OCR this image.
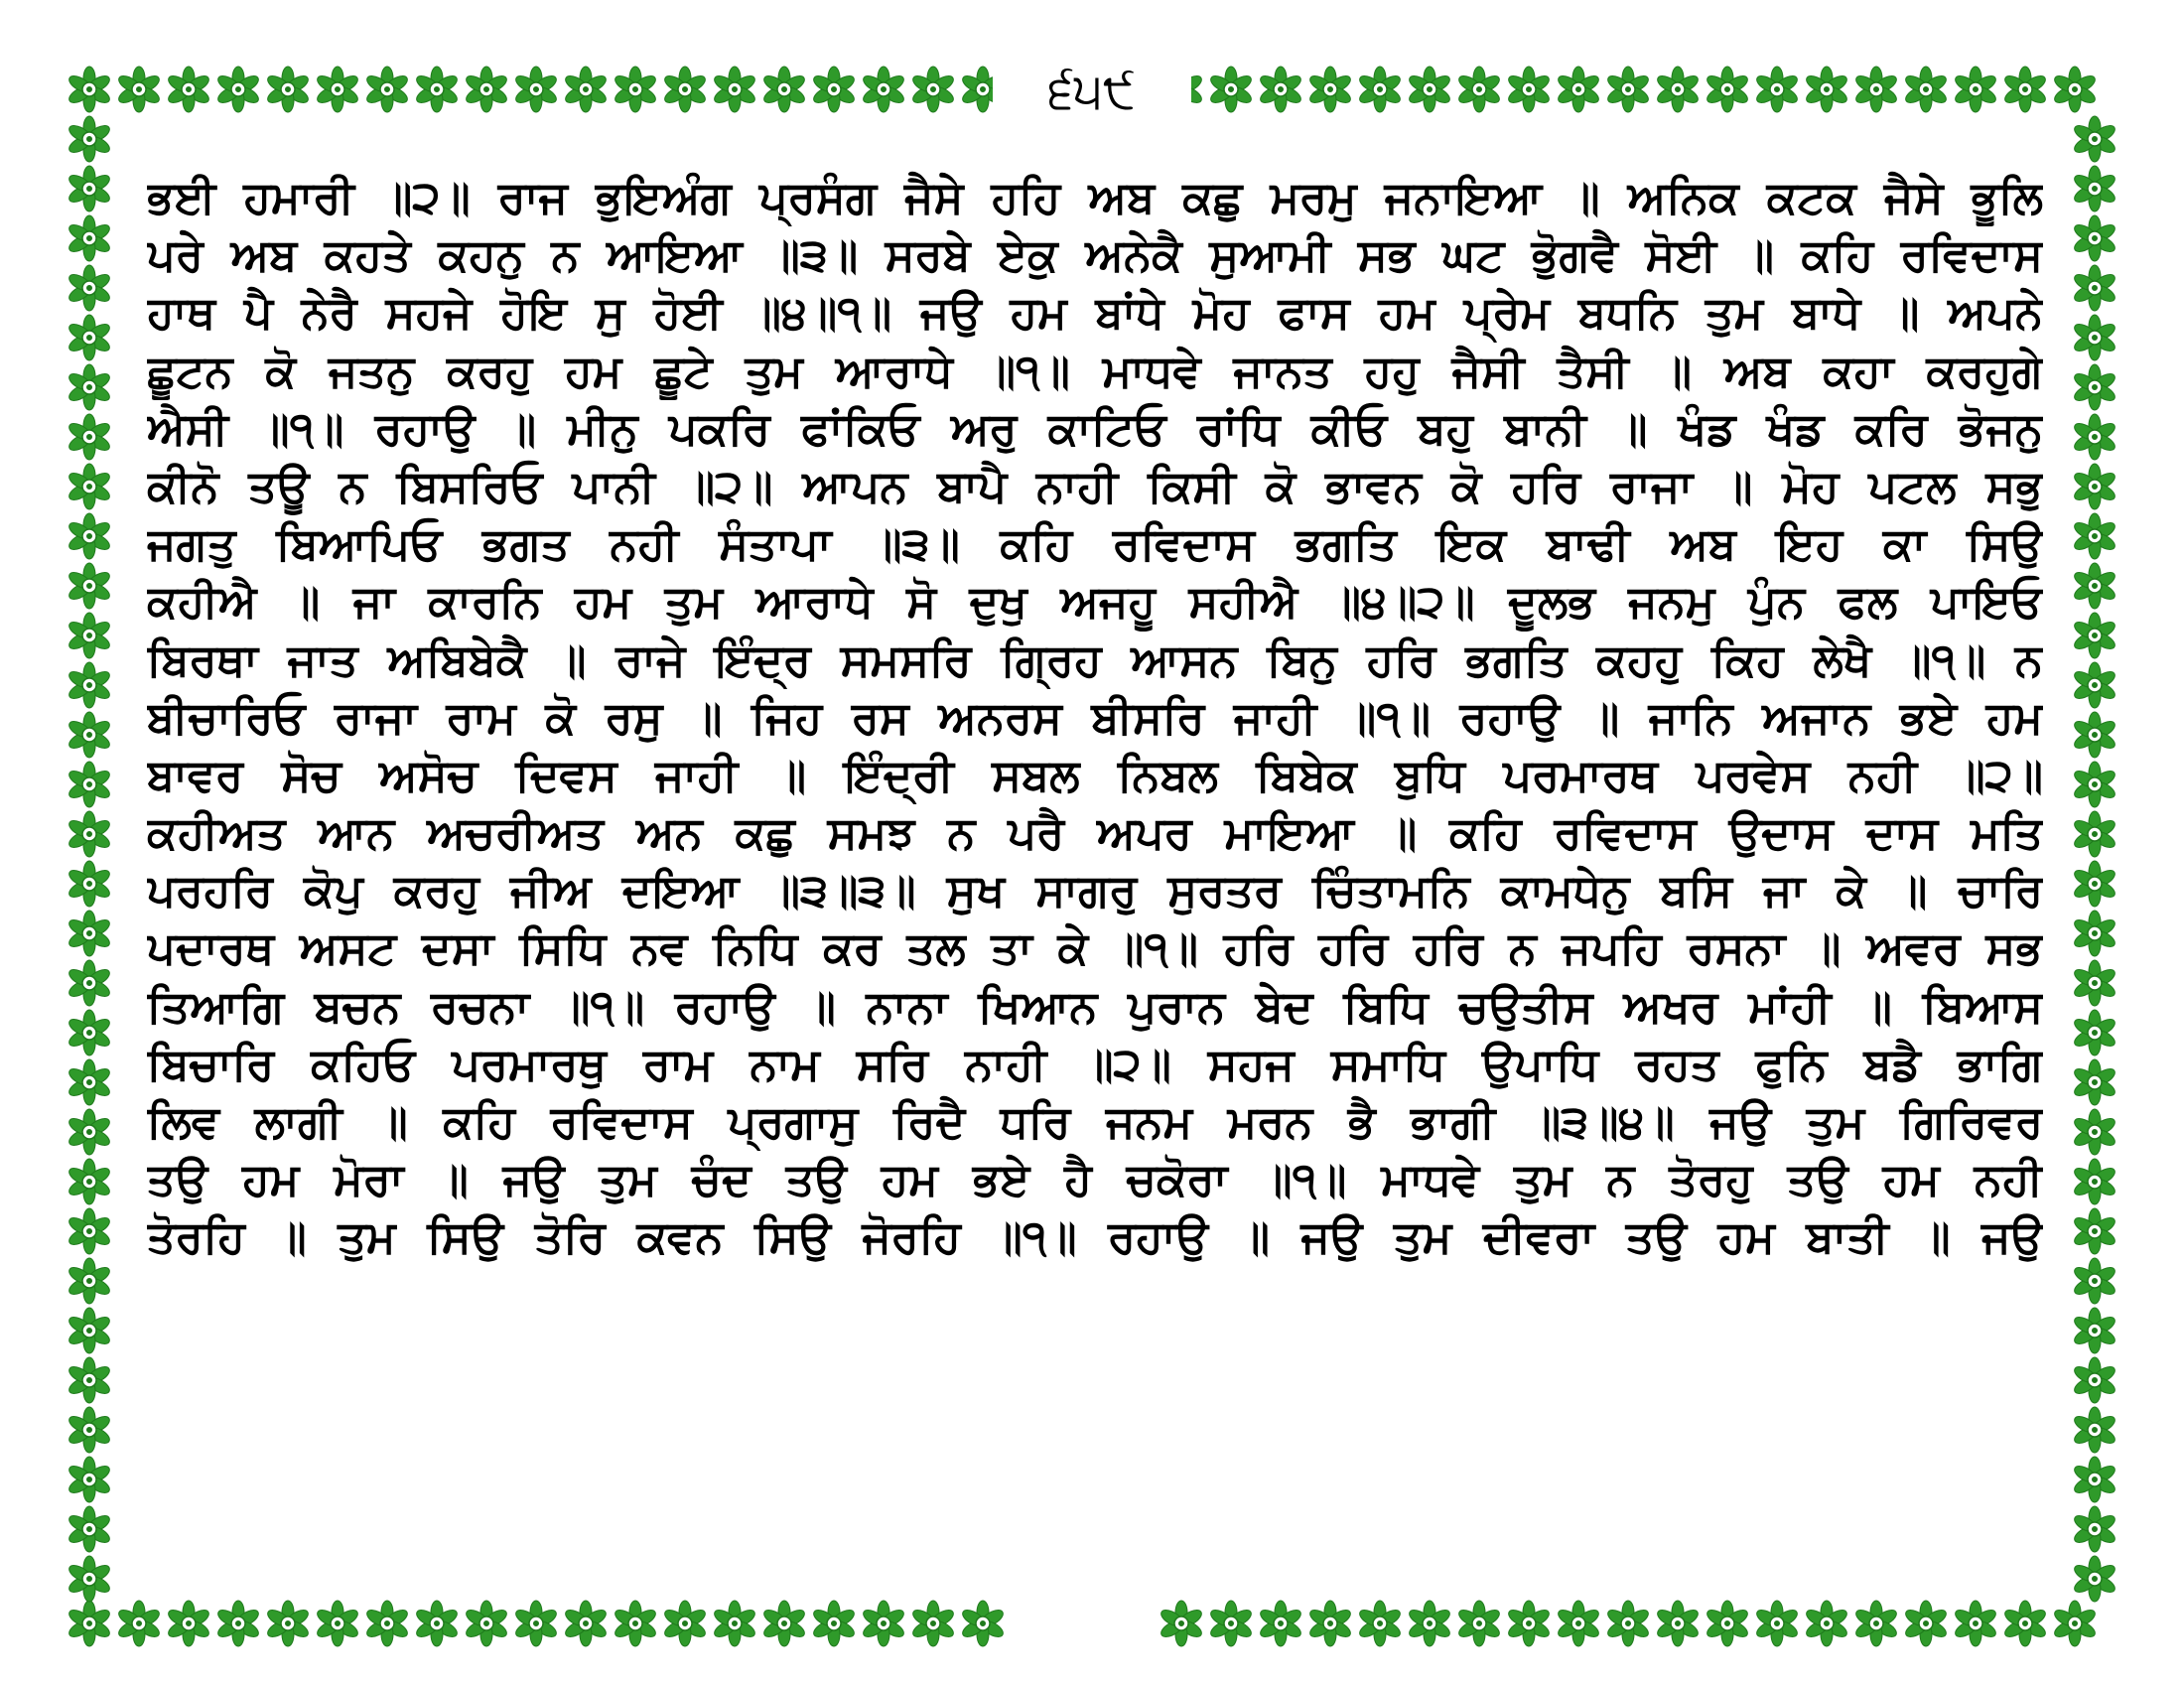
੬੫੯
ਭਈ ਹਮਾਰੀ ॥੨॥ ਰਾਜ ਭੁਇਅੰਗ ਪ੍ਰਸੰਗ ਜੈਸੇ ਹਹਿ ਅਬ ਕਛੁ ਮਰਮੁ ਜਨਾਇਆ ॥ ਅਨਿਕ ਕਟਕ ਜੈਸੇ ਭੂਲਿ
ਪਰੇ ਅਬ ਕਹਤੇ ਕਹਨੁ ਨ ਆਇਆ ॥੩॥ ਸਰਬੇ ਏਕੁ ਅਨੇਕੈ ਸੁਆਮੀ ਸਭ ਘਟ ਭੋੁਗਵੈ ਸੋਈ ॥ ਕਹਿ ਰਵਿਦਾਸ
ਹਾਥ ਪੈ ਨੇਰੈ ਸਹਜੇ ਹੋਇ ਸੁ ਹੋਈ ॥੪॥੧॥ ਜਉ ਹਮ ਬਾਂਧੇ ਮੋਹ ਫਾਸ ਹਮ ਪ੍ਰੇਮ ਬਧਨਿ ਤੁਮ ਬਾਧੇ ॥ ਅਪਨੇ
ਛੂਟਨ ਕੋ ਜਤਨੁ ਕਰਹੁ ਹਮ ਛੂਟੇ ਤੁਮ ਆਰਾਧੇ ॥੧॥ ਮਾਧਵੇ ਜਾਨਤ ਹਹੁ ਜੈਸੀ ਤੈਸੀ ॥ ਅਬ ਕਹਾ ਕਰਹੁਗੇ
ਐਸੀ ॥੧॥ ਰਹਾਉ ॥ ਮੀਨੁ ਪਕਰਿ ਫਾਂਕਿਓ ਅਰੁ ਕਾਟਿਓ ਰਾਂਧਿ ਕੀਓ ਬਹੁ ਬਾਨੀ ॥ ਖੰਡ ਖੰਡ ਕਰਿ ਭੋਜਨੁ
ਕੀਨੋ ਤਊ ਨ ਬਿਸਰਿਓ ਪਾਨੀ ॥੨॥ ਆਪਨ ਬਾਪੈ ਨਾਹੀ ਕਿਸੀ ਕੋ ਭਾਵਨ ਕੋ ਹਰਿ ਰਾਜਾ ॥ ਮੋਹ ਪਟਲ ਸਭੁ
ਜਗਤੁ ਬਿਆਪਿਓ ਭਗਤ ਨਹੀ ਸੰਤਾਪਾ ॥੩॥ ਕਹਿ ਰਵਿਦਾਸ ਭਗਤਿ ਇਕ ਬਾਢੀ ਅਬ ਇਹ ਕਾ ਸਿਉ
ਕਹੀਐ ॥ ਜਾ ਕਾਰਨਿ ਹਮ ਤੁਮ ਆਰਾਧੇ ਸੋ ਦੁਖੁ ਅਜਹੂ ਸਹੀਐ ॥੪॥੨॥ ਦੂਲਭ ਜਨਮੁ ਪੁੰਨ ਫਲ ਪਾਇਓ
ਬਿਰਥਾ ਜਾਤ ਅਬਿਬੇਕੈ ॥ ਰਾਜੇ ਇੰਦ੍ਰ ਸਮਸਰਿ ਗ੍ਰਿਹ ਆਸਨ ਬਿਨੁ ਹਰਿ ਭਗਤਿ ਕਹਹੁ ਕਿਹ ਲੇਖੈ ॥੧॥ ਨ
ਬੀਚਾਰਿਓ ਰਾਜਾ ਰਾਮ ਕੋ ਰਸੁ ॥ ਜਿਹ ਰਸ ਅਨਰਸ ਬੀਸਰਿ ਜਾਹੀ ॥੧॥ ਰਹਾਉ ॥ ਜਾਨਿ ਅਜਾਨ ਭਏ ਹਮ
ਬਾਵਰ ਸੋਚ ਅਸੋਚ ਦਿਵਸ ਜਾਹੀ ॥ ਇੰਦ੍ਰੀ ਸਬਲ ਨਿਬਲ ਬਿਬੇਕ ਬੁਧਿ ਪਰਮਾਰਥ ਪਰਵੇਸ ਨਹੀ ॥੨॥
ਕਹੀਅਤ ਆਨ ਅਚਰੀਅਤ ਅਨ ਕਛੁ ਸਮਝ ਨ ਪਰੈ ਅਪਰ ਮਾਇਆ ॥ ਕਹਿ ਰਵਿਦਾਸ ਉਦਾਸ ਦਾਸ ਮਤਿ
ਪਰਹਰਿ ਕੋਪੁ ਕਰਹੁ ਜੀਅ ਦਇਆ ॥੩॥੩॥ ਸੁਖ ਸਾਗਰੁ ਸੁਰਤਰ ਚਿੰਤਾਮਨਿ ਕਾਮਧੇਨੁ ਬਸਿ ਜਾ ਕੇ ॥ ਚਾਰਿ
ਪਦਾਰਥ ਅਸਟ ਦਸਾ ਸਿਧਿ ਨਵ ਨਿਧਿ ਕਰ ਤਲ ਤਾ ਕੇ ॥੧॥ ਹਰਿ ਹਰਿ ਹਰਿ ਨ ਜਪਹਿ ਰਸਨਾ ॥ ਅਵਰ ਸਭ
ਤਿਆਗਿ ਬਚਨ ਰਚਨਾ ॥੧॥ ਰਹਾਉ ॥ ਨਾਨਾ ਖਿਆਨ ਪੁਰਾਨ ਬੇਦ ਬਿਧਿ ਚਉਤੀਸ ਅਖਰ ਮਾਂਹੀ ॥ ਬਿਆਸ
ਬਿਚਾਰਿ ਕਹਿਓ ਪਰਮਾਰਥੁ ਰਾਮ ਨਾਮ ਸਰਿ ਨਾਹੀ ॥੨॥ ਸਹਜ ਸਮਾਧਿ ਉਪਾਧਿ ਰਹਤ ਫੁਨਿ ਬਡੈ ਭਾਗਿ
ਲਿਵ ਲਾਗੀ ॥ ਕਹਿ ਰਵਿਦਾਸ ਪ੍ਰਗਾਸੁ ਰਿਦੈ ਧਰਿ ਜਨਮ ਮਰਨ ਭੈ ਭਾਗੀ ॥੩॥੪॥ ਜਉ ਤੁਮ ਗਿਰਿਵਰ
ਤਉ ਹਮ ਮੋਰਾ ॥ ਜਉ ਤੁਮ ਚੰਦ ਤਉ ਹਮ ਭਏ ਹੈ ਚਕੋਰਾ ॥੧॥ ਮਾਧਵੇ ਤੁਮ ਨ ਤੋਰਹੁ ਤਉ ਹਮ ਨਹੀ
ਤੋਰਹਿ ॥ ਤੁਮ ਸਿਉ ਤੋਰਿ ਕਵਨ ਸਿਉ ਜੋਰਹਿ ॥੧॥ ਰਹਾਉ ॥ ਜਉ ਤੁਮ ਦੀਵਰਾ ਤਉ ਹਮ ਬਾਤੀ ॥ ਜਉ
